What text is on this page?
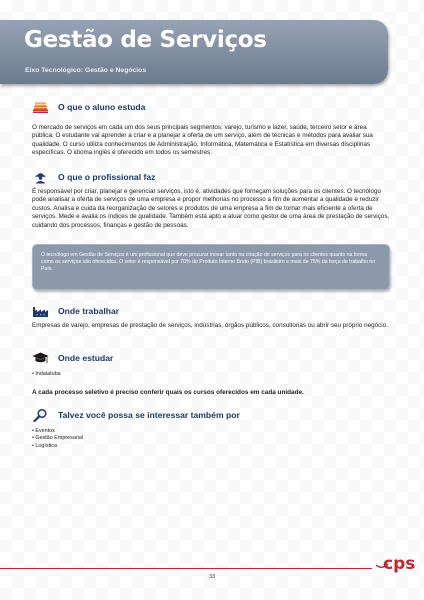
Gestão de Serviços
Eixo Tecnológico: Gestão e Negócios
O que o aluno estuda

O mercado de serviços em cada um dos seus principais segmentos: varejo, turismo e lazer, saúde, terceiro setor e área pública. O estudante vai aprender a criar e a planejar a oferta de um serviço, além de técnicas e métodos para avaliar sua qualidade. O curso utiliza conhecimentos de Administração, Informática, Matemática e Estatística em diversas disciplinas específicas. O idioma inglês é oferecido em todos os semestres.

O que o profissional faz

É responsável por criar, planejar e gerenciar serviços, isto é, atividades que forneçam soluções para os clientes. O tecnólogo pode analisar a oferta de serviços de uma empresa e propor melhorias no processo a fim de aumentar a qualidade e reduzir custos. Analisa e cuida da reorganização de setores e produtos de uma empresa a fim de tornar mais eficiente a oferta de serviços. Mede e avalia os índices de qualidade. Também está apto a atuar como gestor de uma área de prestação de serviços, cuidando dos processos, finanças e gestão de pessoas.

O tecnólogo em Gestão de Serviços é um profissional que deve procurar inovar tanto na criação de serviços para os clientes quanto na forma como os serviços são oferecidos. O setor é responsável por 70% do Produto Interno Bruto (PIB) brasileiro e mais de 75% da força de trabalho no País.

Onde trabalhar

Empresas de varejo, empresas de prestação de serviços, indústrias, órgãos públicos, consultorias ou abrir seu próprio negócio.

Onde estudar
• Indaiatuba

A cada processo seletivo é preciso conferir quais os cursos oferecidos em cada unidade.

Talvez você possa se interessar também por
• Eventos
• Gestão Empresarial
• Logística
cps
33
